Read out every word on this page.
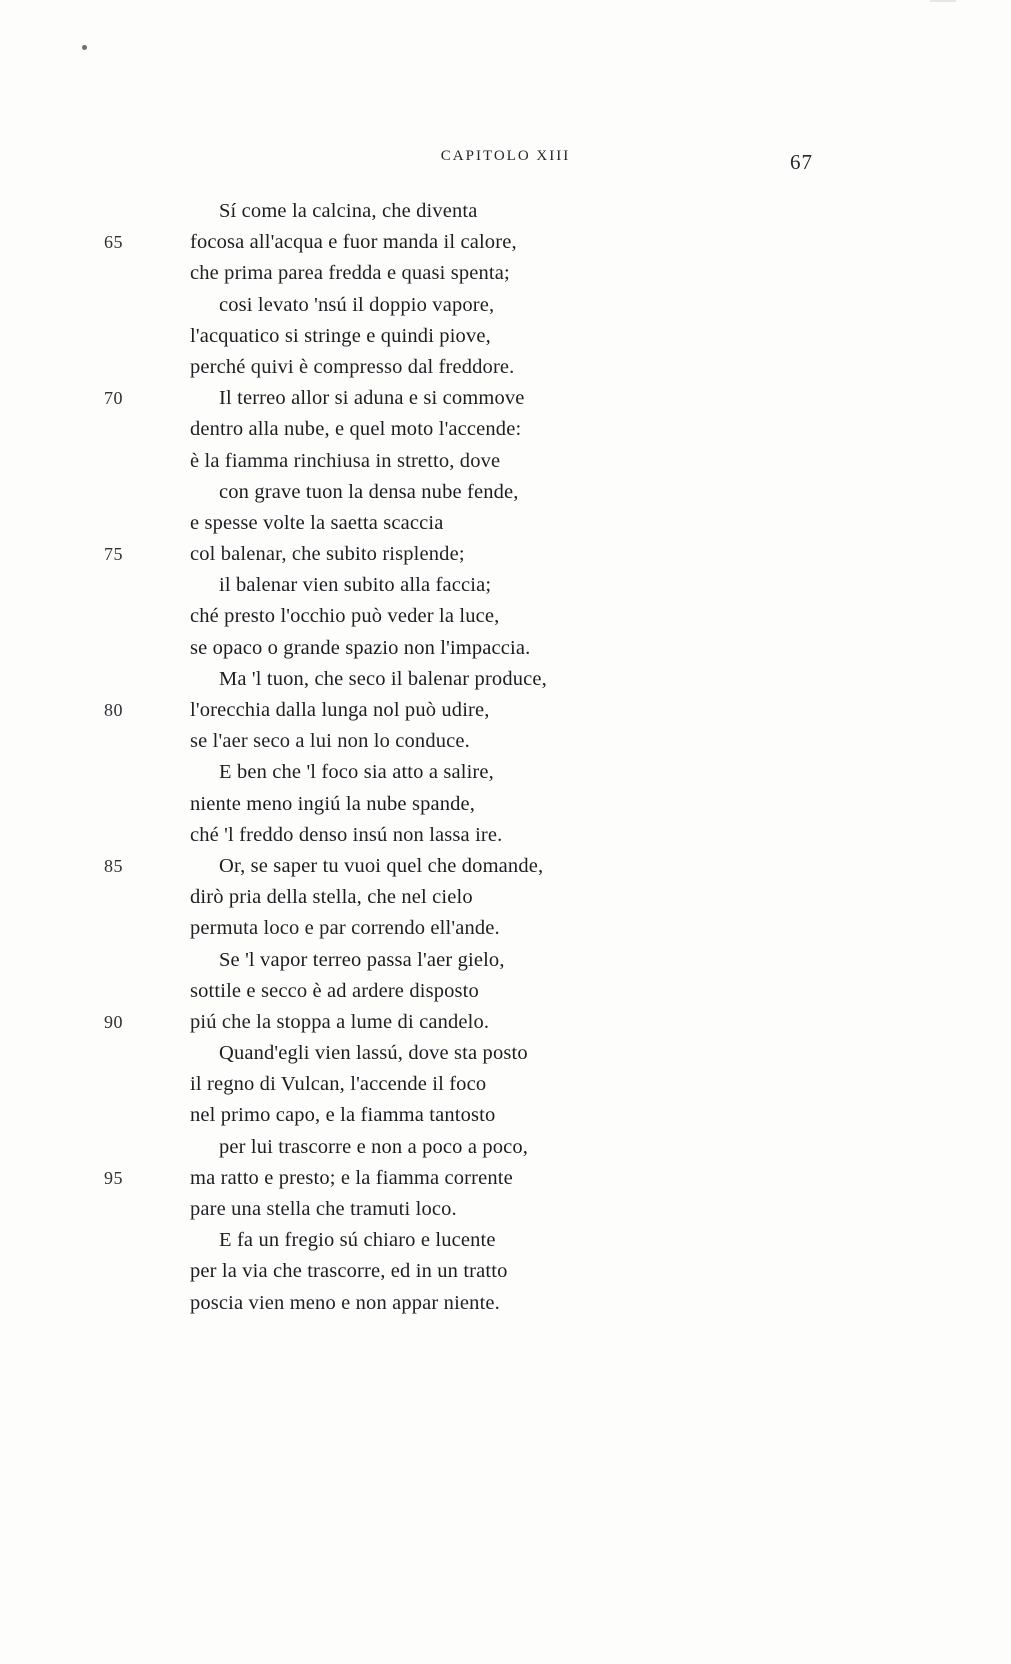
CAPITOLO XIII	67
Sí come la calcina, che diventa
65	focosa all'acqua e fuor manda il calore,
che prima parea fredda e quasi spenta;
cosi levato 'nsú il doppio vapore,
l'acquatico si stringe e quindi piove,
perché quivi è compresso dal freddore.
70	Il terreo allor si aduna e si commove
dentro alla nube, e quel moto l'accende:
è la fiamma rinchiusa in stretto, dove
con grave tuon la densa nube fende,
e spesse volte la saetta scaccia
75	col balenar, che subito risplende;
il balenar vien subito alla faccia;
ché presto l'occhio può veder la luce,
se opaco o grande spazio non l'impaccia.
Ma 'l tuon, che seco il balenar produce,
80	l'orecchia dalla lunga nol può udire,
se l'aer seco a lui non lo conduce.
E ben che 'l foco sia atto a salire,
niente meno ingiú la nube spande,
ché 'l freddo denso insú non lassa ire.
85	Or, se saper tu vuoi quel che domande,
dirò pria della stella, che nel cielo
permuta loco e par correndo ell'ande.
Se 'l vapor terreo passa l'aer gielo,
sottile e secco è ad ardere disposto
90	piú che la stoppa a lume di candelo.
Quand'egli vien lassú, dove sta posto
il regno di Vulcan, l'accende il foco
nel primo capo, e la fiamma tantosto
per lui trascorre e non a poco a poco,
95	ma ratto e presto; e la fiamma corrente
pare una stella che tramuti loco.
E fa un fregio sú chiaro e lucente
per la via che trascorre, ed in un tratto
poscia vien meno e non appar niente.
